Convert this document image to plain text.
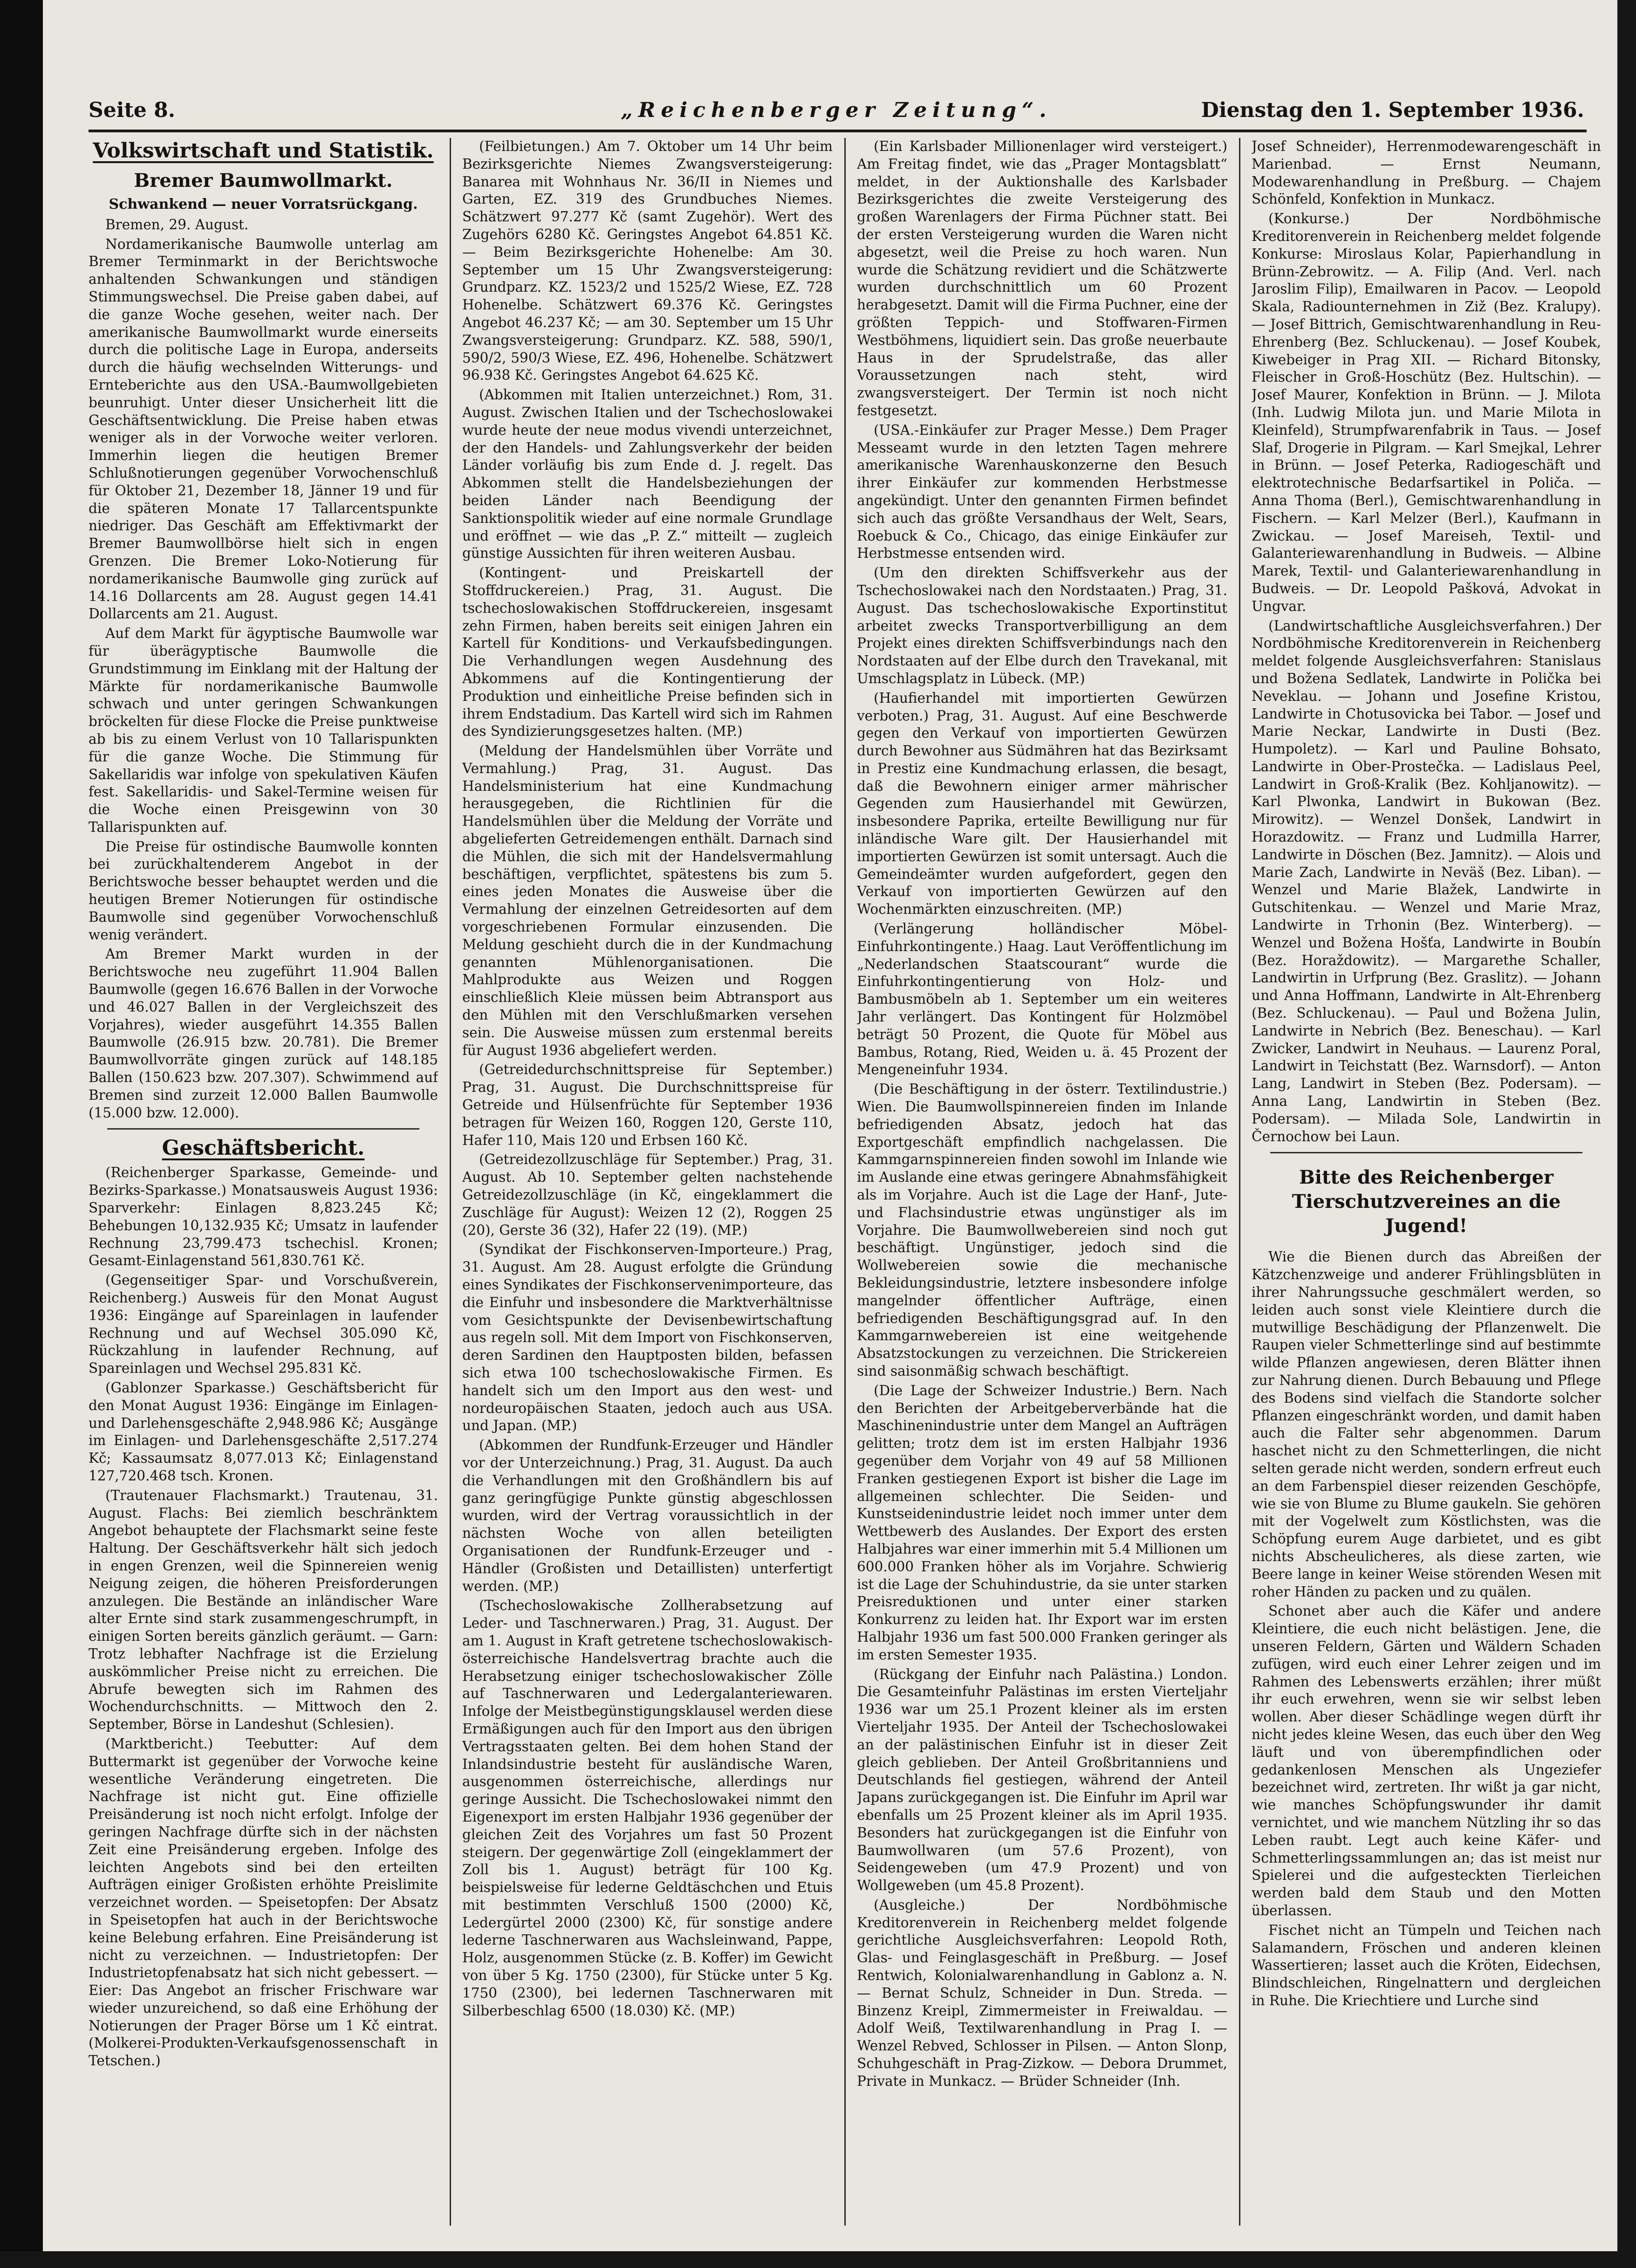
Seite 8.	„Reichenberger Zeitung“.	Dienstag den 1. September 1936.
Volkswirtschaft und Statistik.
Bremer Baumwollmarkt.
Schwankend — neuer Vorratsrückgang.

Bremen, 29. August.

Nordamerikanische Baumwolle unterlag am Bremer Terminmarkt in der Berichtswoche anhaltenden Schwankungen und ständigen Stimmungswechsel. Die Preise gaben dabei, auf die ganze Woche gesehen, weiter nach. Der amerikanische Baumwollmarkt wurde einerseits durch die politische Lage in Europa, anderseits durch die häufig wechselnden Witterungs- und Ernteberichte aus den USA.-Baumwollgebieten beunruhigt. Unter dieser Unsicherheit litt die Geschäftsentwicklung. Die Preise haben etwas weniger als in der Vorwoche weiter verloren. Immerhin liegen die heutigen Bremer Schlußnotierungen gegenüber Vorwochenschluß für Oktober 21, Dezember 18, Jänner 19 und für die späteren Monate 17 Tallarcentspunkte niedriger. Das Geschäft am Effektivmarkt der Bremer Baumwollbörse hielt sich in engen Grenzen. Die Bremer Loko-Notierung für nordamerikanische Baumwolle ging zurück auf 14.16 Dollarcents am 28. August gegen 14.41 Dollarcents am 21. August.

Auf dem Markt für ägyptische Baumwolle war für überägyptische Baumwolle die Grundstimmung im Einklang mit der Haltung der Märkte für nordamerikanische Baumwolle schwach und unter geringen Schwankungen bröckelten für diese Flocke die Preise punktweise ab bis zu einem Verlust von 10 Tallarispunkten für die ganze Woche. Die Stimmung für Sakellaridis war infolge von spekulativen Käufen fest. Sakellaridis- und Sakel-Termine weisen für die Woche einen Preisgewinn von 30 Tallarispunkten auf.

Die Preise für ostindische Baumwolle konnten bei zurückhaltenderem Angebot in der Berichtswoche besser behauptet werden und die heutigen Bremer Notierungen für ostindische Baumwolle sind gegenüber Vorwochenschluß wenig verändert.

Am Bremer Markt wurden in der Berichtswoche neu zugeführt 11.904 Ballen Baumwolle (gegen 16.676 Ballen in der Vorwoche und 46.027 Ballen in der Vergleichszeit des Vorjahres), wieder ausgeführt 14.355 Ballen Baumwolle (26.915 bzw. 20.781). Die Bremer Baumwollvorräte gingen zurück auf 148.185 Ballen (150.623 bzw. 207.307). Schwimmend auf Bremen sind zurzeit 12.000 Ballen Baumwolle (15.000 bzw. 12.000).

Geschäftsbericht.

(Reichenberger Sparkasse, Gemeinde- und Bezirks-Sparkasse.) Monatsausweis August 1936: Sparverkehr: Einlagen 8,823.245 Kč; Behebungen 10,132.935 Kč; Umsatz in laufender Rechnung 23,799.473 tschechisl. Kronen; Gesamt-Einlagenstand 561,830.761 Kč.

(Gegenseitiger Spar- und Vorschußverein, Reichenberg.) Ausweis für den Monat August 1936: Eingänge auf Spareinlagen in laufender Rechnung und auf Wechsel 305.090 Kč, Rückzahlung in laufender Rechnung, auf Spareinlagen und Wechsel 295.831 Kč.

(Gablonzer Sparkasse.) Geschäftsbericht für den Monat August 1936: Eingänge im Einlagen- und Darlehensgeschäfte 2,948.986 Kč; Ausgänge im Einlagen- und Darlehensgeschäfte 2,517.274 Kč; Kassaumsatz 8,077.013 Kč; Einlagenstand 127,720.468 tsch. Kronen.

(Trautenauer Flachsmarkt.) Trautenau, 31. August. Flachs: Bei ziemlich beschränktem Angebot behauptete der Flachsmarkt seine feste Haltung. Der Geschäftsverkehr hält sich jedoch in engen Grenzen, weil die Spinnereien wenig Neigung zeigen, die höheren Preisforderungen anzulegen. Die Bestände an inländischer Ware alter Ernte sind stark zusammengeschrumpft, in einigen Sorten bereits gänzlich geräumt. — Garn: Trotz lebhafter Nachfrage ist die Erzielung auskömmlicher Preise nicht zu erreichen. Die Abrufe bewegten sich im Rahmen des Wochendurchschnitts. — Mittwoch den 2. September, Börse in Landeshut (Schlesien).

(Marktbericht.) Teebutter: Auf dem Buttermarkt ist gegenüber der Vorwoche keine wesentliche Veränderung eingetreten. Die Nachfrage ist nicht gut. Eine offizielle Preisänderung ist noch nicht erfolgt. Infolge der geringen Nachfrage dürfte sich in der nächsten Zeit eine Preisänderung ergeben. Infolge des leichten Angebots sind bei den erteilten Aufträgen einiger Großisten erhöhte Preislimite verzeichnet worden. — Speisetopfen: Der Absatz in Speisetopfen hat auch in der Berichtswoche keine Belebung erfahren. Eine Preisänderung ist nicht zu verzeichnen. — Industrietopfen: Der Industrietopfenabsatz hat sich nicht gebessert. — Eier: Das Angebot an frischer Frischware war wieder unzureichend, so daß eine Erhöhung der Notierungen der Prager Börse um 1 Kč eintrat. (Molkerei-Produkten-Verkaufsgenossenschaft in Tetschen.)

(Feilbietungen.) Am 7. Oktober um 14 Uhr beim Bezirksgerichte Niemes Zwangsversteigerung: Banarea mit Wohnhaus Nr. 36/II in Niemes und Garten, EZ. 319 des Grundbuches Niemes. Schätzwert 97.277 Kč (samt Zugehör). Wert des Zugehörs 6280 Kč. Geringstes Angebot 64.851 Kč. — Beim Bezirksgerichte Hohenelbe: Am 30. September um 15 Uhr Zwangsversteigerung: Grundparz. KZ. 1523/2 und 1525/2 Wiese, EZ. 728 Hohenelbe. Schätzwert 69.376 Kč. Geringstes Angebot 46.237 Kč; — am 30. September um 15 Uhr Zwangsversteigerung: Grundparz. KZ. 588, 590/1, 590/2, 590/3 Wiese, EZ. 496, Hohenelbe. Schätzwert 96.938 Kč. Geringstes Angebot 64.625 Kč.

(Abkommen mit Italien unterzeichnet.) Rom, 31. August. Zwischen Italien und der Tschechoslowakei wurde heute der neue modus vivendi unterzeichnet, der den Handels- und Zahlungsverkehr der beiden Länder vorläufig bis zum Ende d. J. regelt. Das Abkommen stellt die Handelsbeziehungen der beiden Länder nach Beendigung der Sanktionspolitik wieder auf eine normale Grundlage und eröffnet — wie das „P. Z.“ mitteilt — zugleich günstige Aussichten für ihren weiteren Ausbau.

(Kontingent- und Preiskartell der Stoffdruckereien.) Prag, 31. August. Die tschechoslowakischen Stoffdruckereien, insgesamt zehn Firmen, haben bereits seit einigen Jahren ein Kartell für Konditions- und Verkaufsbedingungen. Die Verhandlungen wegen Ausdehnung des Abkommens auf die Kontingentierung der Produktion und einheitliche Preise befinden sich in ihrem Endstadium. Das Kartell wird sich im Rahmen des Syndizierungsgesetzes halten. (MP.)

(Meldung der Handelsmühlen über Vorräte und Vermahlung.) Prag, 31. August. Das Handelsministerium hat eine Kundmachung herausgegeben, die Richtlinien für die Handelsmühlen über die Meldung der Vorräte und abgelieferten Getreidemengen enthält. Darnach sind die Mühlen, die sich mit der Handelsvermahlung beschäftigen, verpflichtet, spätestens bis zum 5. eines jeden Monates die Ausweise über die Vermahlung der einzelnen Getreidesorten auf dem vorgeschriebenen Formular einzusenden. Die Meldung geschieht durch die in der Kundmachung genannten Mühlenorganisationen. Die Mahlprodukte aus Weizen und Roggen einschließlich Kleie müssen beim Abtransport aus den Mühlen mit den Verschlußmarken versehen sein. Die Ausweise müssen zum erstenmal bereits für August 1936 abgeliefert werden.

(Getreidedurchschnittspreise für September.) Prag, 31. August. Die Durchschnittspreise für Getreide und Hülsenfrüchte für September 1936 betragen für Weizen 160, Roggen 120, Gerste 110, Hafer 110, Mais 120 und Erbsen 160 Kč.

(Getreidezollzuschläge für September.) Prag, 31. August. Ab 10. September gelten nachstehende Getreidezollzuschläge (in Kč, eingeklammert die Zuschläge für August): Weizen 12 (2), Roggen 25 (20), Gerste 36 (32), Hafer 22 (19). (MP.)

(Syndikat der Fischkonserven-Importeure.) Prag, 31. August. Am 28. August erfolgte die Gründung eines Syndikates der Fischkonservenimporteure, das die Einfuhr und insbesondere die Marktverhältnisse vom Gesichtspunkte der Devisenbewirtschaftung aus regeln soll. Mit dem Import von Fischkonserven, deren Sardinen den Hauptposten bilden, befassen sich etwa 100 tschechoslowakische Firmen. Es handelt sich um den Import aus den west- und nordeuropäischen Staaten, jedoch auch aus USA. und Japan. (MP.)

(Abkommen der Rundfunk-Erzeuger und Händler vor der Unterzeichnung.) Prag, 31. August. Da auch die Verhandlungen mit den Großhändlern bis auf ganz geringfügige Punkte günstig abgeschlossen wurden, wird der Vertrag voraussichtlich in der nächsten Woche von allen beteiligten Organisationen der Rundfunk-Erzeuger und -Händler (Großisten und Detaillisten) unterfertigt werden. (MP.)

(Tschechoslowakische Zollherabsetzung auf Leder- und Taschnerwaren.) Prag, 31. August. Der am 1. August in Kraft getretene tschechoslowakisch-österreichische Handelsvertrag brachte auch die Herabsetzung einiger tschechoslowakischer Zölle auf Taschnerwaren und Ledergalanteriewaren. Infolge der Meistbegünstigungsklausel werden diese Ermäßigungen auch für den Import aus den übrigen Vertragsstaaten gelten. Bei dem hohen Stand der Inlandsindustrie besteht für ausländische Waren, ausgenommen österreichische, allerdings nur geringe Aussicht. Die Tschechoslowakei nimmt den Eigenexport im ersten Halbjahr 1936 gegenüber der gleichen Zeit des Vorjahres um fast 50 Prozent steigern. Der gegenwärtige Zoll (eingeklammert der Zoll bis 1. August) beträgt für 100 Kg. beispielsweise für lederne Geldtäschchen und Etuis mit bestimmten Verschluß 1500 (2000) Kč, Ledergürtel 2000 (2300) Kč, für sonstige andere lederne Taschnerwaren aus Wachsleinwand, Pappe, Holz, ausgenommen Stücke (z. B. Koffer) im Gewicht von über 5 Kg. 1750 (2300), für Stücke unter 5 Kg. 1750 (2300), bei ledernen Taschnerwaren mit Silberbeschlag 6500 (18.030) Kč. (MP.)

(Ein Karlsbader Millionenlager wird versteigert.) Am Freitag findet, wie das „Prager Montagsblatt“ meldet, in der Auktionshalle des Karlsbader Bezirksgerichtes die zweite Versteigerung des großen Warenlagers der Firma Püchner statt. Bei der ersten Versteigerung wurden die Waren nicht abgesetzt, weil die Preise zu hoch waren. Nun wurde die Schätzung revidiert und die Schätzwerte wurden durchschnittlich um 60 Prozent herabgesetzt. Damit will die Firma Puchner, eine der größten Teppich- und Stoffwaren-Firmen Westböhmens, liquidiert sein. Das große neuerbaute Haus in der Sprudelstraße, das aller Voraussetzungen nach steht, wird zwangsversteigert. Der Termin ist noch nicht festgesetzt.

(USA.-Einkäufer zur Prager Messe.) Dem Prager Messeamt wurde in den letzten Tagen mehrere amerikanische Warenhauskonzerne den Besuch ihrer Einkäufer zur kommenden Herbstmesse angekündigt. Unter den genannten Firmen befindet sich auch das größte Versandhaus der Welt, Sears, Roebuck & Co., Chicago, das einige Einkäufer zur Herbstmesse entsenden wird.

(Um den direkten Schiffsverkehr aus der Tschechoslowakei nach den Nordstaaten.) Prag, 31. August. Das tschechoslowakische Exportinstitut arbeitet zwecks Transportverbilligung an dem Projekt eines direkten Schiffsverbindungs nach den Nordstaaten auf der Elbe durch den Travekanal, mit Umschlagsplatz in Lübeck. (MP.)

(Haufierhandel mit importierten Gewürzen verboten.) Prag, 31. August. Auf eine Beschwerde gegen den Verkauf von importierten Gewürzen durch Bewohner aus Südmähren hat das Bezirksamt in Prestiz eine Kundmachung erlassen, die besagt, daß die Bewohnern einiger armer mährischer Gegenden zum Hausierhandel mit Gewürzen, insbesondere Paprika, erteilte Bewilligung nur für inländische Ware gilt. Der Hausierhandel mit importierten Gewürzen ist somit untersagt. Auch die Gemeindeämter wurden aufgefordert, gegen den Verkauf von importierten Gewürzen auf den Wochenmärkten einzuschreiten. (MP.)

(Verlängerung holländischer Möbel-Einfuhrkontingente.) Haag. Laut Veröffentlichung im „Nederlandschen Staatscourant“ wurde die Einfuhrkontingentierung von Holz- und Bambusmöbeln ab 1. September um ein weiteres Jahr verlängert. Das Kontingent für Holzmöbel beträgt 50 Prozent, die Quote für Möbel aus Bambus, Rotang, Ried, Weiden u. ä. 45 Prozent der Mengeneinfuhr 1934.

(Die Beschäftigung in der österr. Textilindustrie.) Wien. Die Baumwollspinnereien finden im Inlande befriedigenden Absatz, jedoch hat das Exportgeschäft empfindlich nachgelassen. Die Kammgarnspinnereien finden sowohl im Inlande wie im Auslande eine etwas geringere Abnahmsfähigkeit als im Vorjahre. Auch ist die Lage der Hanf-, Jute- und Flachsindustrie etwas ungünstiger als im Vorjahre. Die Baumwollwebereien sind noch gut beschäftigt. Ungünstiger, jedoch sind die Wollwebereien sowie die mechanische Bekleidungsindustrie, letztere insbesondere infolge mangelnder öffentlicher Aufträge, einen befriedigenden Beschäftigungsgrad auf. In den Kammgarnwebereien ist eine weitgehende Absatzstockungen zu verzeichnen. Die Strickereien sind saisonmäßig schwach beschäftigt.

(Die Lage der Schweizer Industrie.) Bern. Nach den Berichten der Arbeitgeberverbände hat die Maschinenindustrie unter dem Mangel an Aufträgen gelitten; trotz dem ist im ersten Halbjahr 1936 gegenüber dem Vorjahr von 49 auf 58 Millionen Franken gestiegenen Export ist bisher die Lage im allgemeinen schlechter. Die Seiden- und Kunstseidenindustrie leidet noch immer unter dem Wettbewerb des Auslandes. Der Export des ersten Halbjahres war einer immerhin mit 5.4 Millionen um 600.000 Franken höher als im Vorjahre. Schwierig ist die Lage der Schuhindustrie, da sie unter starken Preisreduktionen und unter einer starken Konkurrenz zu leiden hat. Ihr Export war im ersten Halbjahr 1936 um fast 500.000 Franken geringer als im ersten Semester 1935.

(Rückgang der Einfuhr nach Palästina.) London. Die Gesamteinfuhr Palästinas im ersten Vierteljahr 1936 war um 25.1 Prozent kleiner als im ersten Vierteljahr 1935. Der Anteil der Tschechoslowakei an der palästinischen Einfuhr ist in dieser Zeit gleich geblieben. Der Anteil Großbritanniens und Deutschlands fiel gestiegen, während der Anteil Japans zurückgegangen ist. Die Einfuhr im April war ebenfalls um 25 Prozent kleiner als im April 1935. Besonders hat zurückgegangen ist die Einfuhr von Baumwollwaren (um 57.6 Prozent), von Seidengeweben (um 47.9 Prozent) und von Wollgeweben (um 45.8 Prozent).

(Ausgleiche.) Der Nordböhmische Kreditorenverein in Reichenberg meldet folgende gerichtliche Ausgleichsverfahren: Leopold Roth, Glas- und Feinglasgeschäft in Preßburg. — Josef Rentwich, Kolonialwarenhandlung in Gablonz a. N. — Bernat Schulz, Schneider in Dun. Streda. — Binzenz Kreipl, Zimmermeister in Freiwaldau. — Adolf Weiß, Textilwarenhandlung in Prag I. — Wenzel Rebved, Schlosser in Pilsen. — Anton Slonp, Schuhgeschäft in Prag-Zizkow. — Debora Drummet, Private in Munkacz. — Brüder Schneider (Inh.

Josef Schneider), Herrenmodewarengeschäft in Marienbad. — Ernst Neumann, Modewarenhandlung in Preßburg. — Chajem Schönfeld, Konfektion in Munkacz.

(Konkurse.) Der Nordböhmische Kreditorenverein in Reichenberg meldet folgende Konkurse: Miroslaus Kolar, Papierhandlung in Brünn-Zebrowitz. — A. Filip (And. Verl. nach Jaroslim Filip), Emailwaren in Pacov. — Leopold Skala, Radiounternehmen in Ziž (Bez. Kralupy). — Josef Bittrich, Gemischtwarenhandlung in Reu-Ehrenberg (Bez. Schluckenau). — Josef Koubek, Kiwebeiger in Prag XII. — Richard Bitonsky, Fleischer in Groß-Hoschütz (Bez. Hultschin). — Josef Maurer, Konfektion in Brünn. — J. Milota (Inh. Ludwig Milota jun. und Marie Milota in Kleinfeld), Strumpfwarenfabrik in Taus. — Josef Slaf, Drogerie in Pilgram. — Karl Smejkal, Lehrer in Brünn. — Josef Peterka, Radiogeschäft und elektrotechnische Bedarfsartikel in Poliča. — Anna Thoma (Berl.), Gemischtwarenhandlung in Fischern. — Karl Melzer (Berl.), Kaufmann in Zwickau. — Josef Mareiseh, Textil- und Galanteriewarenhandlung in Budweis. — Albine Marek, Textil- und Galanteriewarenhandlung in Budweis. — Dr. Leopold Pašková, Advokat in Ungvar.

(Landwirtschaftliche Ausgleichsverfahren.) Der Nordböhmische Kreditorenverein in Reichenberg meldet folgende Ausgleichsverfahren: Stanislaus und Božena Sedlatek, Landwirte in Polička bei Neveklau. — Johann und Josefine Kristou, Landwirte in Chotusovicka bei Tabor. — Josef und Marie Neckar, Landwirte in Dusti (Bez. Humpoletz). — Karl und Pauline Bohsato, Landwirte in Ober-Prostečka. — Ladislaus Peel, Landwirt in Groß-Kralik (Bez. Kohljanowitz). — Karl Plwonka, Landwirt in Bukowan (Bez. Mirowitz). — Wenzel Donšek, Landwirt in Horazdowitz. — Franz und Ludmilla Harrer, Landwirte in Döschen (Bez. Jamnitz). — Alois und Marie Zach, Landwirte in Neväš (Bez. Liban). — Wenzel und Marie Blažek, Landwirte in Gutschitenkau. — Wenzel und Marie Mraz, Landwirte in Trhonin (Bez. Winterberg). — Wenzel und Božena Hošťa, Landwirte in Boubín (Bez. Horaždowitz). — Margarethe Schaller, Landwirtin in Urfprung (Bez. Graslitz). — Johann und Anna Hoffmann, Landwirte in Alt-Ehrenberg (Bez. Schluckenau). — Paul und Božena Julin, Landwirte in Nebrich (Bez. Beneschau). — Karl Zwicker, Landwirt in Neuhaus. — Laurenz Poral, Landwirt in Teichstatt (Bez. Warnsdorf). — Anton Lang, Landwirt in Steben (Bez. Podersam). — Anna Lang, Landwirtin in Steben (Bez. Podersam). — Milada Sole, Landwirtin in Černochow bei Laun.

Bitte des Reichenberger Tierschutzvereines an die Jugend!

Wie die Bienen durch das Abreißen der Kätzchenzweige und anderer Frühlingsblüten in ihrer Nahrungssuche geschmälert werden, so leiden auch sonst viele Kleintiere durch die mutwillige Beschädigung der Pflanzenwelt. Die Raupen vieler Schmetterlinge sind auf bestimmte wilde Pflanzen angewiesen, deren Blätter ihnen zur Nahrung dienen. Durch Bebauung und Pflege des Bodens sind vielfach die Standorte solcher Pflanzen eingeschränkt worden, und damit haben auch die Falter sehr abgenommen. Darum haschet nicht zu den Schmetterlingen, die nicht selten gerade nicht werden, sondern erfreut euch an dem Farbenspiel dieser reizenden Geschöpfe, wie sie von Blume zu Blume gaukeln. Sie gehören mit der Vogelwelt zum Köstlichsten, was die Schöpfung eurem Auge darbietet, und es gibt nichts Abscheulicheres, als diese zarten, wie Beere lange in keiner Weise störenden Wesen mit roher Händen zu packen und zu quälen.

Schonet aber auch die Käfer und andere Kleintiere, die euch nicht belästigen. Jene, die unseren Feldern, Gärten und Wäldern Schaden zufügen, wird euch einer Lehrer zeigen und im Rahmen des Lebenswerts erzählen; ihrer müßt ihr euch erwehren, wenn sie wir selbst leben wollen. Aber dieser Schädlinge wegen dürft ihr nicht jedes kleine Wesen, das euch über den Weg läuft und von überempfindlichen oder gedankenlosen Menschen als Ungeziefer bezeichnet wird, zertreten. Ihr wißt ja gar nicht, wie manches Schöpfungswunder ihr damit vernichtet, und wie manchem Nützling ihr so das Leben raubt. Legt auch keine Käfer- und Schmetterlingssammlungen an; das ist meist nur Spielerei und die aufgesteckten Tierleichen werden bald dem Staub und den Motten überlassen.

Fischet nicht an Tümpeln und Teichen nach Salamandern, Fröschen und anderen kleinen Wassertieren; lasset auch die Kröten, Eidechsen, Blindschleichen, Ringelnattern und dergleichen in Ruhe. Die Kriechtiere und Lurche sind
